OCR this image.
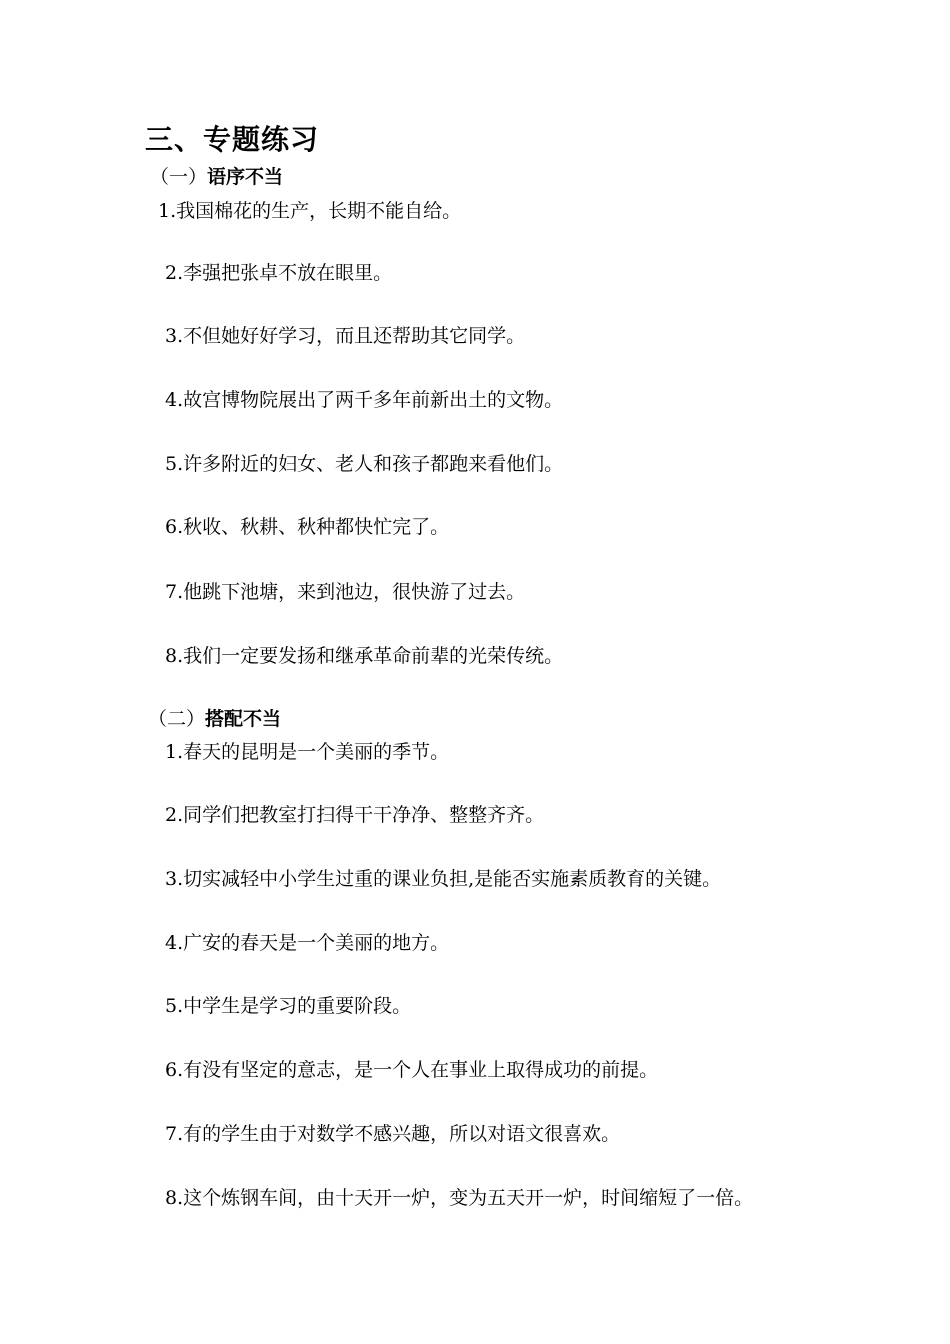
三、专题练习
（一）语序不当
1.我国棉花的生产，长期不能自给。
2.李强把张卓不放在眼里。
3.不但她好好学习，而且还帮助其它同学。
4.故宫博物院展出了两千多年前新出土的文物。
5.许多附近的妇女、老人和孩子都跑来看他们。
6.秋收、秋耕、秋种都快忙完了。
7.他跳下池塘，来到池边，很快游了过去。
8.我们一定要发扬和继承革命前辈的光荣传统。
（二）搭配不当
1.春天的昆明是一个美丽的季节。
2.同学们把教室打扫得干干净净、整整齐齐。
3.切实减轻中小学生过重的课业负担,是能否实施素质教育的关键。
4.广安的春天是一个美丽的地方。
5.中学生是学习的重要阶段。
6.有没有坚定的意志，是一个人在事业上取得成功的前提。
7.有的学生由于对数学不感兴趣，所以对语文很喜欢。
8.这个炼钢车间，由十天开一炉，变为五天开一炉，时间缩短了一倍。
